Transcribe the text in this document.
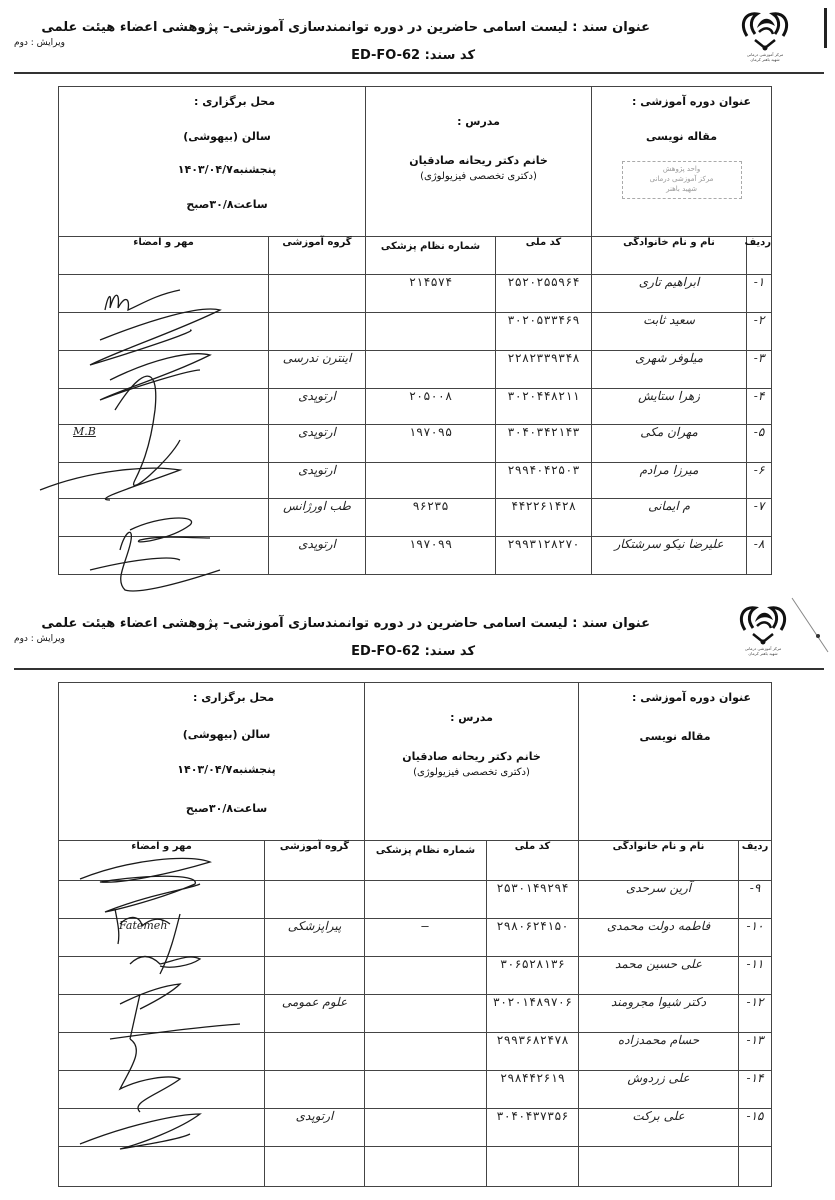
مرکز آموزشی درمانی
شهید باهنر کرمان
عنوان سند : لیست اسامی حاضرین در دوره توانمندسازی آموزشی– پژوهشی اعضاء هیئت علمی
کد سند: ED-FO-62
ویرایش : دوم
عنوان دوره آموزشی :
مقاله نویسی
واحد پژوهش
مرکز آموزشی درمانی
شهید باهنر		مدرس :
خانم دکتر ریحانه صادقیان
(دکتری تخصصی فیزیولوژی)		محل برگزاری :
سالن (بیهوشی)
پنجشنبه۱۴۰۳/۰۴/۷
ساعت۳۰/۸صبح	

ردیف	نام و نام خانوادگی	کد ملی	شماره نظام پزشکی	گروه آموزشی	مهر و امضاء
۱-	ابراهیم تاری	۲۵۲۰۲۵۵۹۶۴	۲۱۴۵۷۴		
۲-	سعید ثابت	۳۰۲۰۵۳۳۴۶۹			
۳-	میلوفر شهری	۲۲۸۲۳۳۹۳۴۸		اینترن ندرسی	
۴-	زهرا ستایش	۳۰۲۰۴۴۸۲۱۱	۲۰۵۰۰۸	ارتوپدی	
۵-	مهران مکی	۳۰۴۰۳۴۲۱۴۳	۱۹۷۰۹۵	ارتوپدی	M.B
۶-	میرزا مرادم	۲۹۹۴۰۴۲۵۰۳		ارتوپدی	
۷-	م ایمانی	۴۴۲۲۶۱۴۲۸	۹۶۲۳۵	طب اورژانس	
۸-	علیرضا نیکو سرشتکار	۲۹۹۳۱۲۸۲۷۰	۱۹۷۰۹۹	ارتوپدی	
مرکز آموزشی درمانی
شهید باهنر کرمان
عنوان سند : لیست اسامی حاضرین در دوره توانمندسازی آموزشی– پژوهشی اعضاء هیئت علمی
کد سند: ED-FO-62
ویرایش : دوم
عنوان دوره آموزشی :
مقاله نویسی		مدرس :
خانم دکتر ریحانه صادقیان
(دکتری تخصصی فیزیولوژی)		محل برگزاری :
سالن (بیهوشی)
پنجشنبه۱۴۰۳/۰۴/۷
ساعت۳۰/۸صبح	

ردیف	نام و نام خانوادگی	کد ملی	شماره نظام پزشکی	گروه آموزشی	مهر و امضاء
۹-	آرین سرحدی	۲۵۳۰۱۴۹۲۹۴			
۱۰-	فاطمه دولت محمدی	۲۹۸۰۶۲۴۱۵۰	—	پیراپزشکی	Fatemeh
۱۱-	علی حسین محمد	۳۰۶۵۲۸۱۳۶			
۱۲-	دکتر شیوا مجرومند	۳۰۲۰۱۴۸۹۷۰۶		علوم عمومی	
۱۳-	حسام محمدزاده	۲۹۹۳۶۸۲۴۷۸			
۱۴-	علی زردوش	۲۹۸۴۴۲۶۱۹			
۱۵-	علی برکت	۳۰۴۰۴۳۷۳۵۶		ارتوپدی	
